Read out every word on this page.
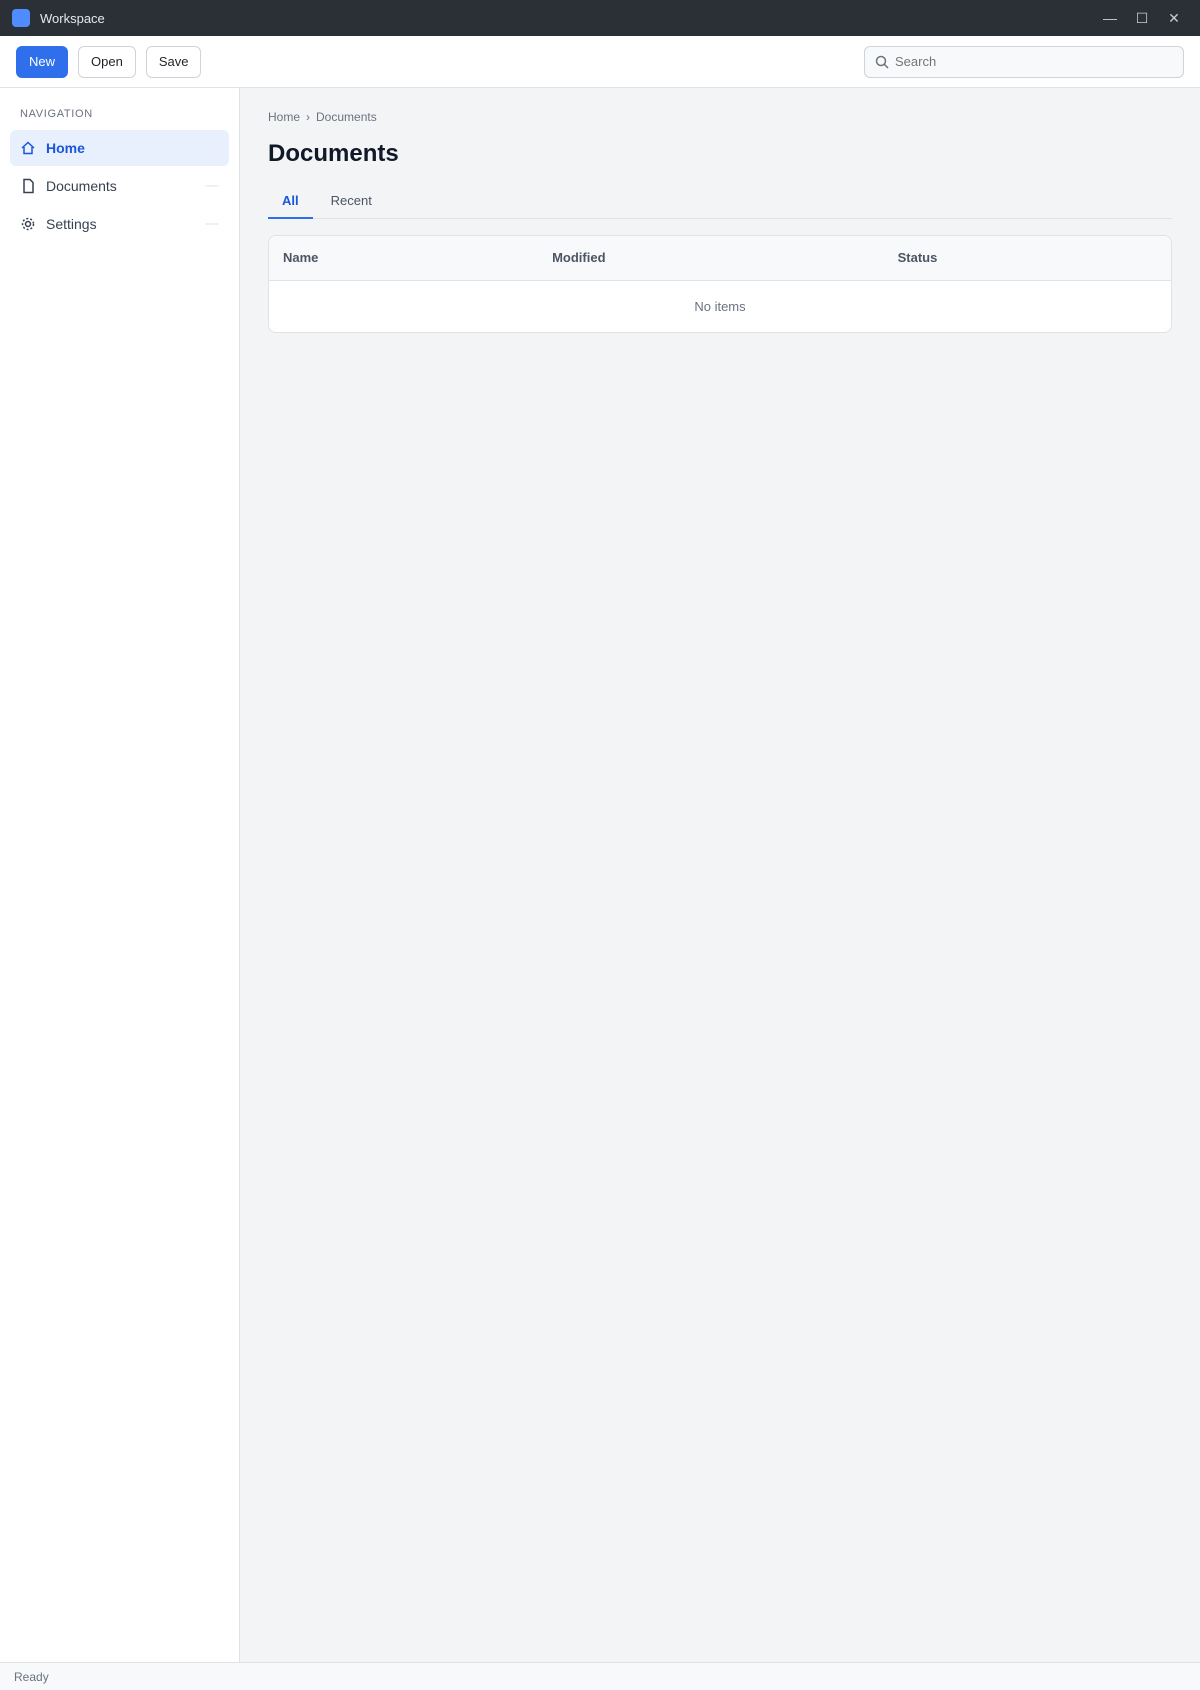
Workspace	—	☐	✕
New	Open	Save
Search
NAVIGATION
Home
Documents
Settings
Home › Documents
Documents
All	Recent
Name	Modified	Status
No items
Ready
